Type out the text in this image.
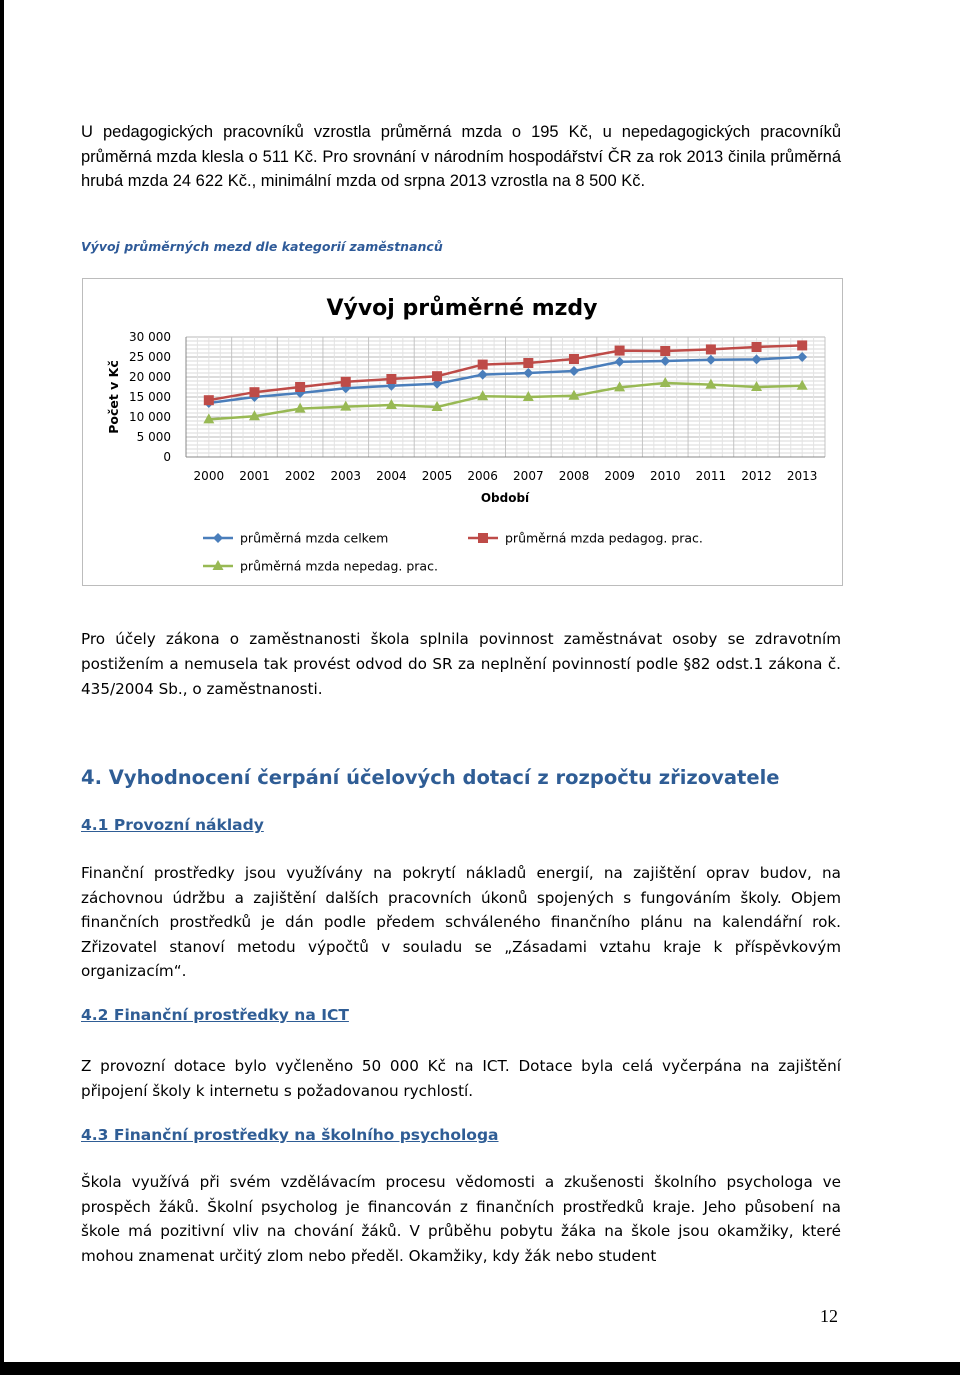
U pedagogických pracovníků vzrostla průměrná mzda o 195 Kč, u nepedagogických pracovníků průměrná mzda klesla o 511 Kč. Pro srovnání v národním hospodářství ČR za rok 2013 činila průměrná hrubá mzda 24 622 Kč., minimální mzda od srpna 2013 vzrostla na 8 500 Kč.

Vývoj průměrných mezd dle kategorií zaměstnanců

Vývoj průměrné mzdy
0
5 000
10 000
15 000
20 000
25 000
30 000
2000 2001 2002 2003 2004 2005 2006 2007 2008 2009 2010 2011 2012 2013
Počet v Kč
Období
průměrná mzda celkem	průměrná mzda pedagog. prac.
průměrná mzda nepedag. prac.

Pro účely zákona o zaměstnanosti škola splnila povinnost zaměstnávat osoby se zdravotním postižením a nemusela tak provést odvod do SR za neplnění povinností podle §82 odst.1 zákona č. 435/2004 Sb., o zaměstnanosti.

4. Vyhodnocení čerpání účelových dotací z rozpočtu zřizovatele
4.1 Provozní náklady

Finanční prostředky jsou využívány na pokrytí nákladů energií, na zajištění oprav budov, na záchovnou údržbu a zajištění dalších pracovních úkonů spojených s fungováním školy. Objem finančních prostředků je dán podle předem schváleného finančního plánu na kalendářní rok. Zřizovatel stanoví metodu výpočtů v souladu se „Zásadami vztahu kraje k příspěvkovým organizacím“.

4.2 Finanční prostředky na ICT

Z provozní dotace bylo vyčleněno 50 000 Kč na ICT. Dotace byla celá vyčerpána na zajištění připojení školy k internetu s požadovanou rychlostí.

4.3 Finanční prostředky na školního psychologa

Škola využívá při svém vzdělávacím procesu vědomosti a zkušenosti školního psychologa ve prospěch žáků. Školní psycholog je financován z finančních prostředků kraje. Jeho působení na škole má pozitivní vliv na chování žáků. V průběhu pobytu žáka na škole jsou okamžiky, které mohou znamenat určitý zlom nebo předěl. Okamžiky, kdy žák nebo student

12
